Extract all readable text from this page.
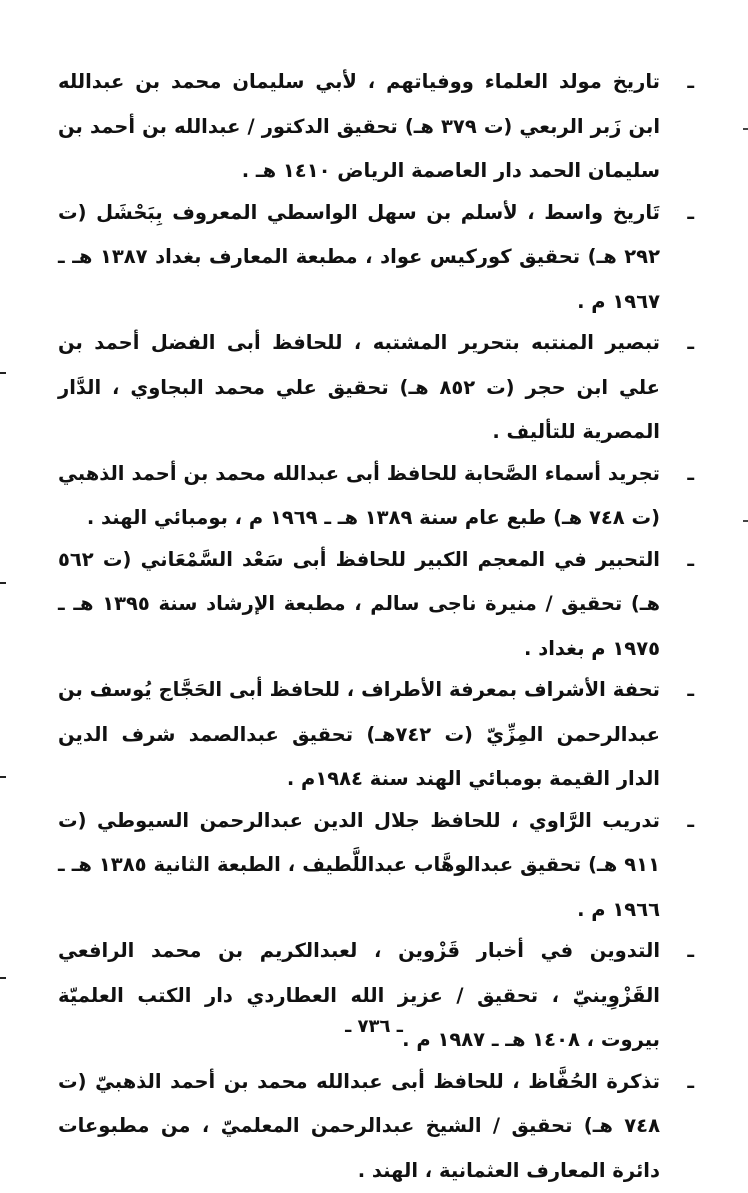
ـ
تاريخ مولد العلماء ووفياتهم ، لأبي سليمان محمد بن عبدالله ابن زَبر الربعي (ت ٣٧٩ هـ) تحقيق الدكتور / عبدالله بن أحمد بن سليمان الحمد دار العاصمة الرياض ١٤١٠ هـ .
ـ
تَاريخ واسط ، لأسلم بن سهل الواسطي المعروف بِبَحْشَل (ت ٢٩٢ هـ) تحقيق كوركيس عواد ، مطبعة المعارف بغداد ١٣٨٧ هـ ـ ١٩٦٧ م .
ـ
تبصير المنتبه بتحرير المشتبه ، للحافظ أبى الفضل أحمد بن علي ابن حجر (ت ٨٥٢ هـ) تحقيق علي محمد البجاوي ، الدَّار المصرية للتأليف .
ـ
تجريد أسماء الصَّحابة للحافظ أبى عبدالله محمد بن أحمد الذهبي (ت ٧٤٨ هـ) طبع عام سنة ١٣٨٩ هـ ـ ١٩٦٩ م ، بومبائي الهند .
ـ
التحبير في المعجم الكبير للحافظ أبى سَعْد السَّمْعَاني (ت ٥٦٢ هـ) تحقيق / منيرة ناجى سالم ، مطبعة الإرشاد سنة ١٣٩٥ هـ ـ ١٩٧٥ م بغداد .
ـ
تحفة الأشراف بمعرفة الأطراف ، للحافظ أبى الحَجَّاج يُوسف بن عبدالرحمن المِزِّيّ (ت ٧٤٢هـ) تحقيق عبدالصمد شرف الدين الدار القيمة بومبائي الهند سنة ١٩٨٤م .
ـ
تدريب الرَّاوي ، للحافظ جلال الدين عبدالرحمن السيوطي (ت ٩١١ هـ) تحقيق عبدالوهَّاب عبداللَّطيف ، الطبعة الثانية ١٣٨٥ هـ ـ ١٩٦٦ م .
ـ
التدوين في أخبار قَزْوين ، لعبدالكريم بن محمد الرافعي القَزْوِينيّ ، تحقيق / عزيز الله العطاردي دار الكتب العلميّة بيروت ، ١٤٠٨ هـ ـ ١٩٨٧ م .
ـ
تذكرة الحُفَّاظ ، للحافظ أبى عبدالله محمد بن أحمد الذهبيّ (ت ٧٤٨ هـ) تحقيق / الشيخ عبدالرحمن المعلميّ ، من مطبوعات دائرة المعارف العثمانية ، الهند .
ـ ٧٣٦ ـ
